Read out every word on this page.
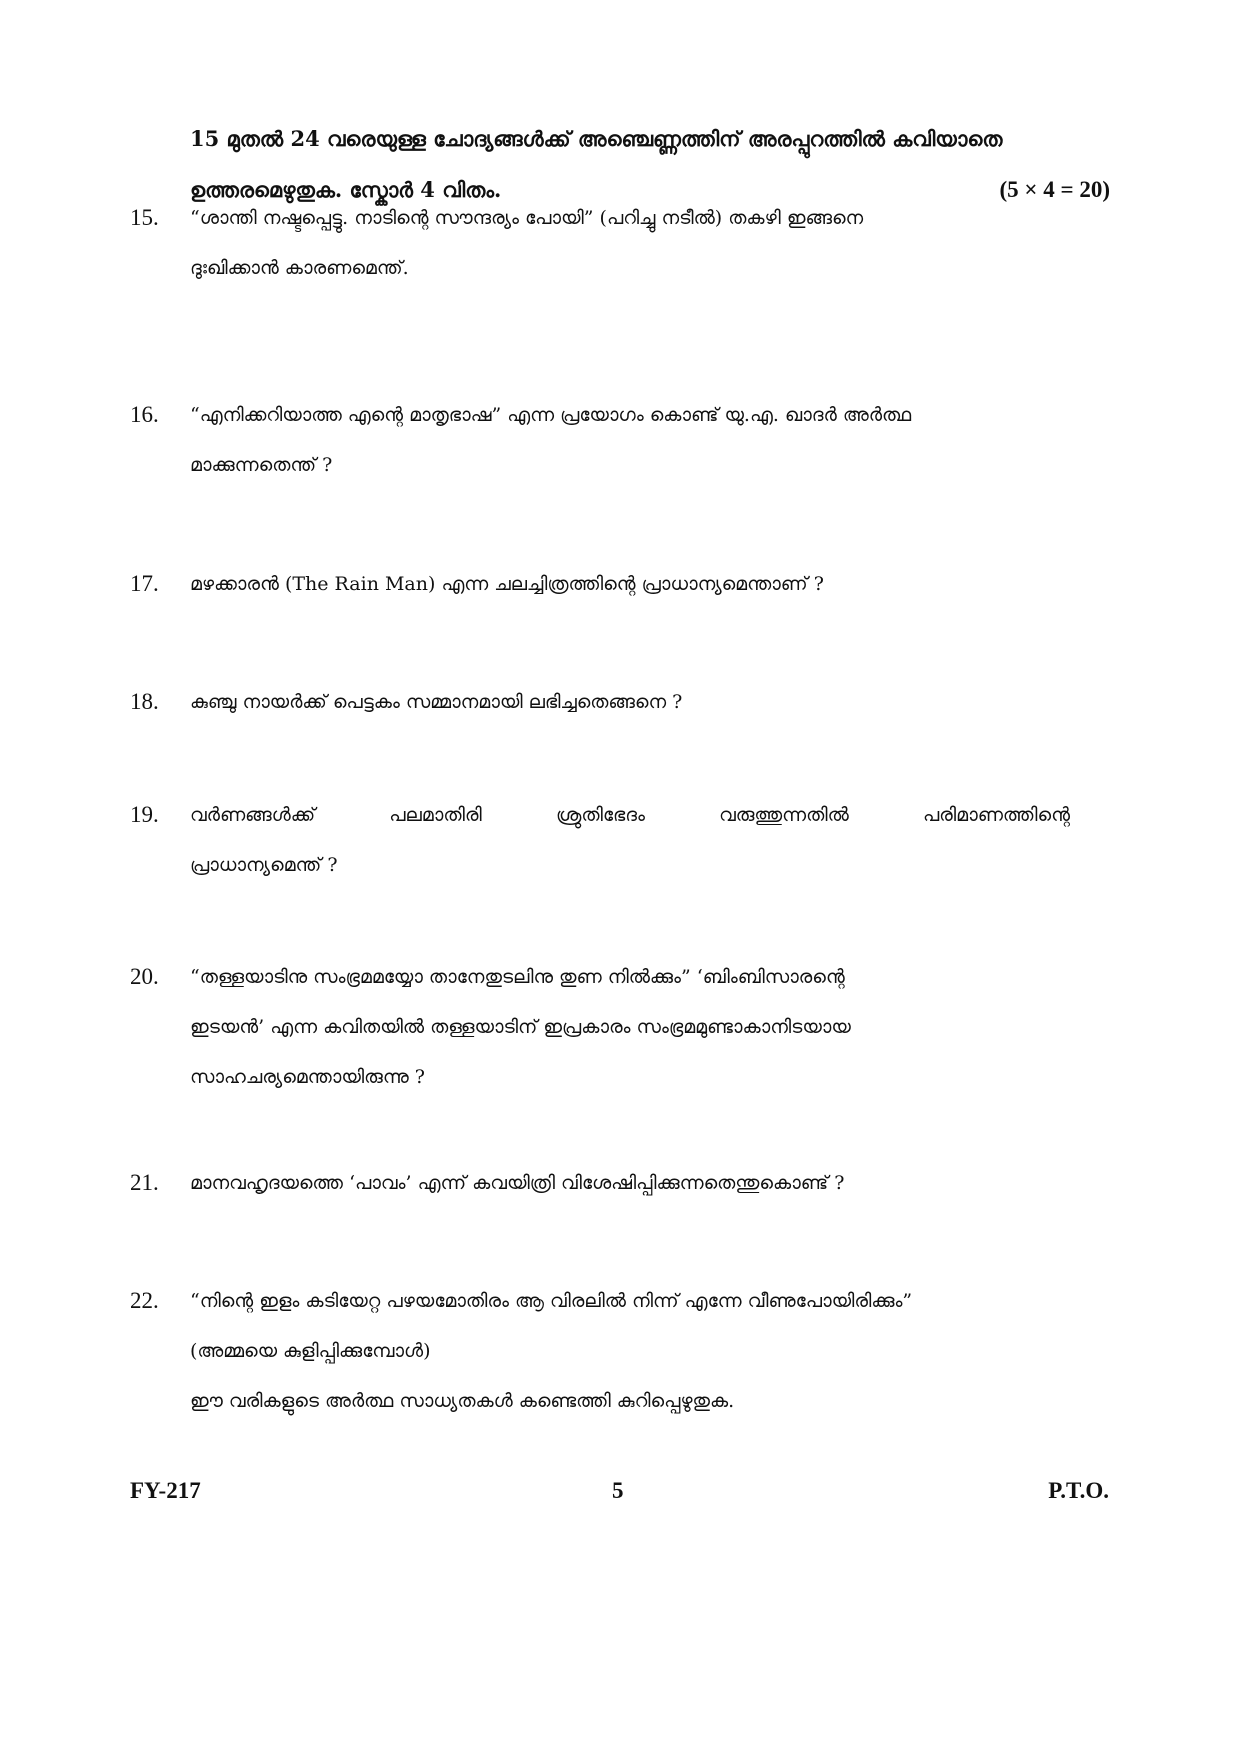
15 മുതൽ 24 വരെയുള്ള ചോദ്യങ്ങൾക്ക് അഞ്ചെണ്ണത്തിന് അരപ്പുറത്തിൽ കവിയാതെ
ഉത്തരമെഴുതുക. സ്കോർ 4 വിതം.	(5 × 4 = 20)
15. “ശാന്തി നഷ്ടപ്പെട്ടു. നാടിന്റെ സൗന്ദര്യം പോയി” (പറിച്ചു നടീൽ) തകഴി ഇങ്ങനെ
ദുഃഖിക്കാൻ കാരണമെന്ത്.
16. “എനിക്കറിയാത്ത എന്റെ മാതൃഭാഷ” എന്ന പ്രയോഗം കൊണ്ട് യു.എ. ഖാദർ അർത്ഥ
മാക്കുന്നതെന്ത് ?
17. മഴക്കാരൻ (The Rain Man) എന്ന ചലച്ചിത്രത്തിന്റെ പ്രാധാന്യമെന്താണ് ?
18. കുഞ്ചു നായർക്ക് പെട്ടകം സമ്മാനമായി ലഭിച്ചതെങ്ങനെ ?
19. വർണങ്ങൾക്ക്	പലമാതിരി	ശ്രുതിഭേദം	വരുത്തുന്നതിൽ	പരിമാണത്തിന്റെ
പ്രാധാന്യമെന്ത് ?
20. “തള്ളയാടിനു സംഭ്രമമയ്യോ താനേതുടലിനു തുണ നിൽക്കും” ‘ബിംബിസാരന്റെ
ഇടയൻ’ എന്ന കവിതയിൽ തള്ളയാടിന് ഇപ്രകാരം സംഭ്രമമുണ്ടാകാനിടയായ
സാഹചര്യമെന്തായിരുന്നു ?
21. മാനവഹൃദയത്തെ ‘പാവം’ എന്ന് കവയിത്രി വിശേഷിപ്പിക്കുന്നതെന്തുകൊണ്ട് ?
22. “നിന്റെ ഇളം കടിയേറ്റ പഴയമോതിരം ആ വിരലിൽ നിന്ന് എന്നേ വീണുപോയിരിക്കും”
(അമ്മയെ കുളിപ്പിക്കുമ്പോൾ)
ഈ വരികളുടെ അർത്ഥ സാധ്യതകൾ കണ്ടെത്തി കുറിപ്പെഴുതുക.
FY-217	5	P.T.O.
